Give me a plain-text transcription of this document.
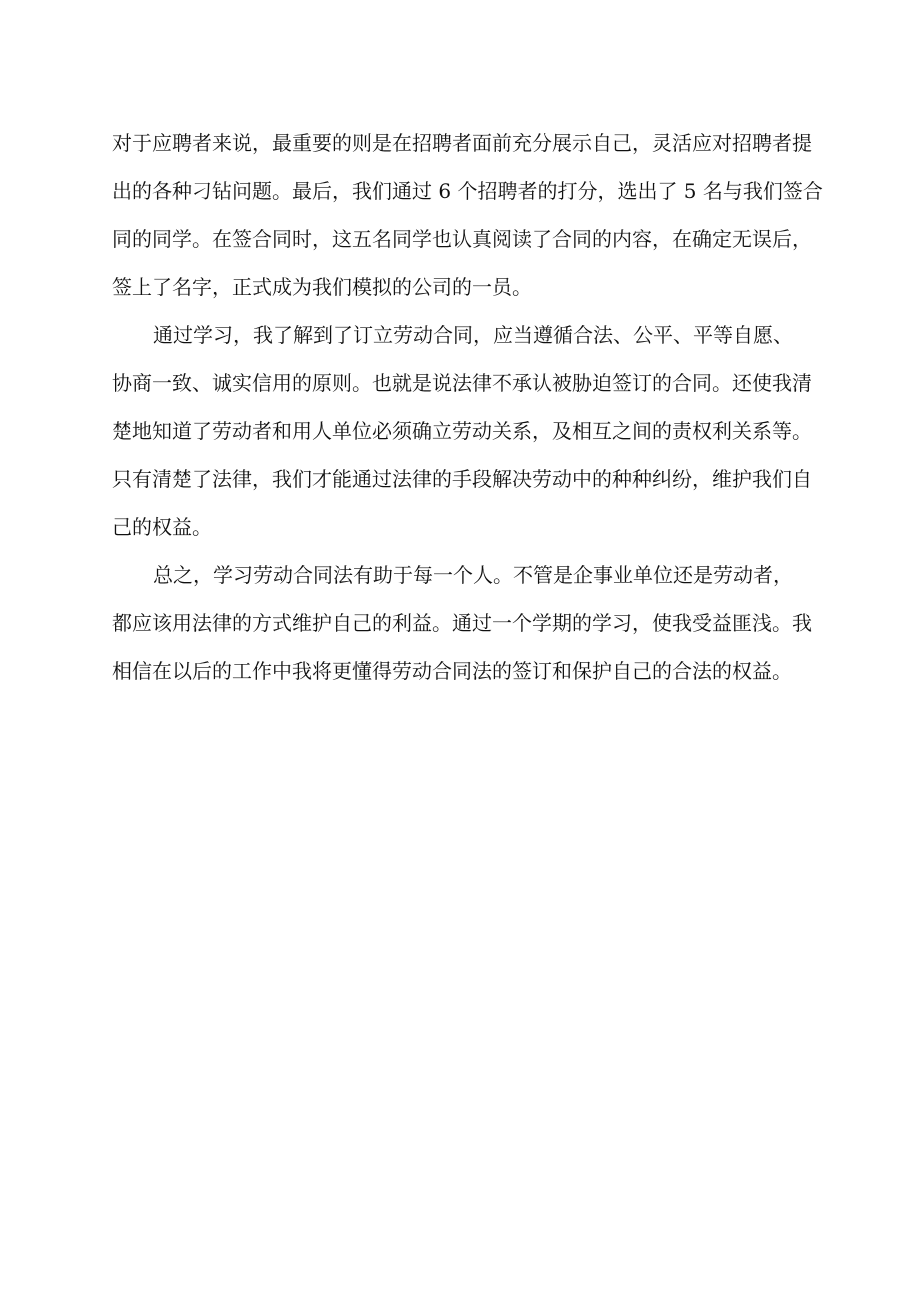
对于应聘者来说，最重要的则是在招聘者面前充分展示自己，灵活应对招聘者提
出的各种刁钻问题。最后，我们通过 6 个招聘者的打分，选出了 5 名与我们签合
同的同学。在签合同时，这五名同学也认真阅读了合同的内容，在确定无误后，
签上了名字，正式成为我们模拟的公司的一员。
通过学习，我了解到了订立劳动合同，应当遵循合法、公平、平等自愿、
协商一致、诚实信用的原则。也就是说法律不承认被胁迫签订的合同。还使我清
楚地知道了劳动者和用人单位必须确立劳动关系，及相互之间的责权利关系等。
只有清楚了法律，我们才能通过法律的手段解决劳动中的种种纠纷，维护我们自
己的权益。
总之，学习劳动合同法有助于每一个人。不管是企事业单位还是劳动者，
都应该用法律的方式维护自己的利益。通过一个学期的学习，使我受益匪浅。我
相信在以后的工作中我将更懂得劳动合同法的签订和保护自己的合法的权益。
